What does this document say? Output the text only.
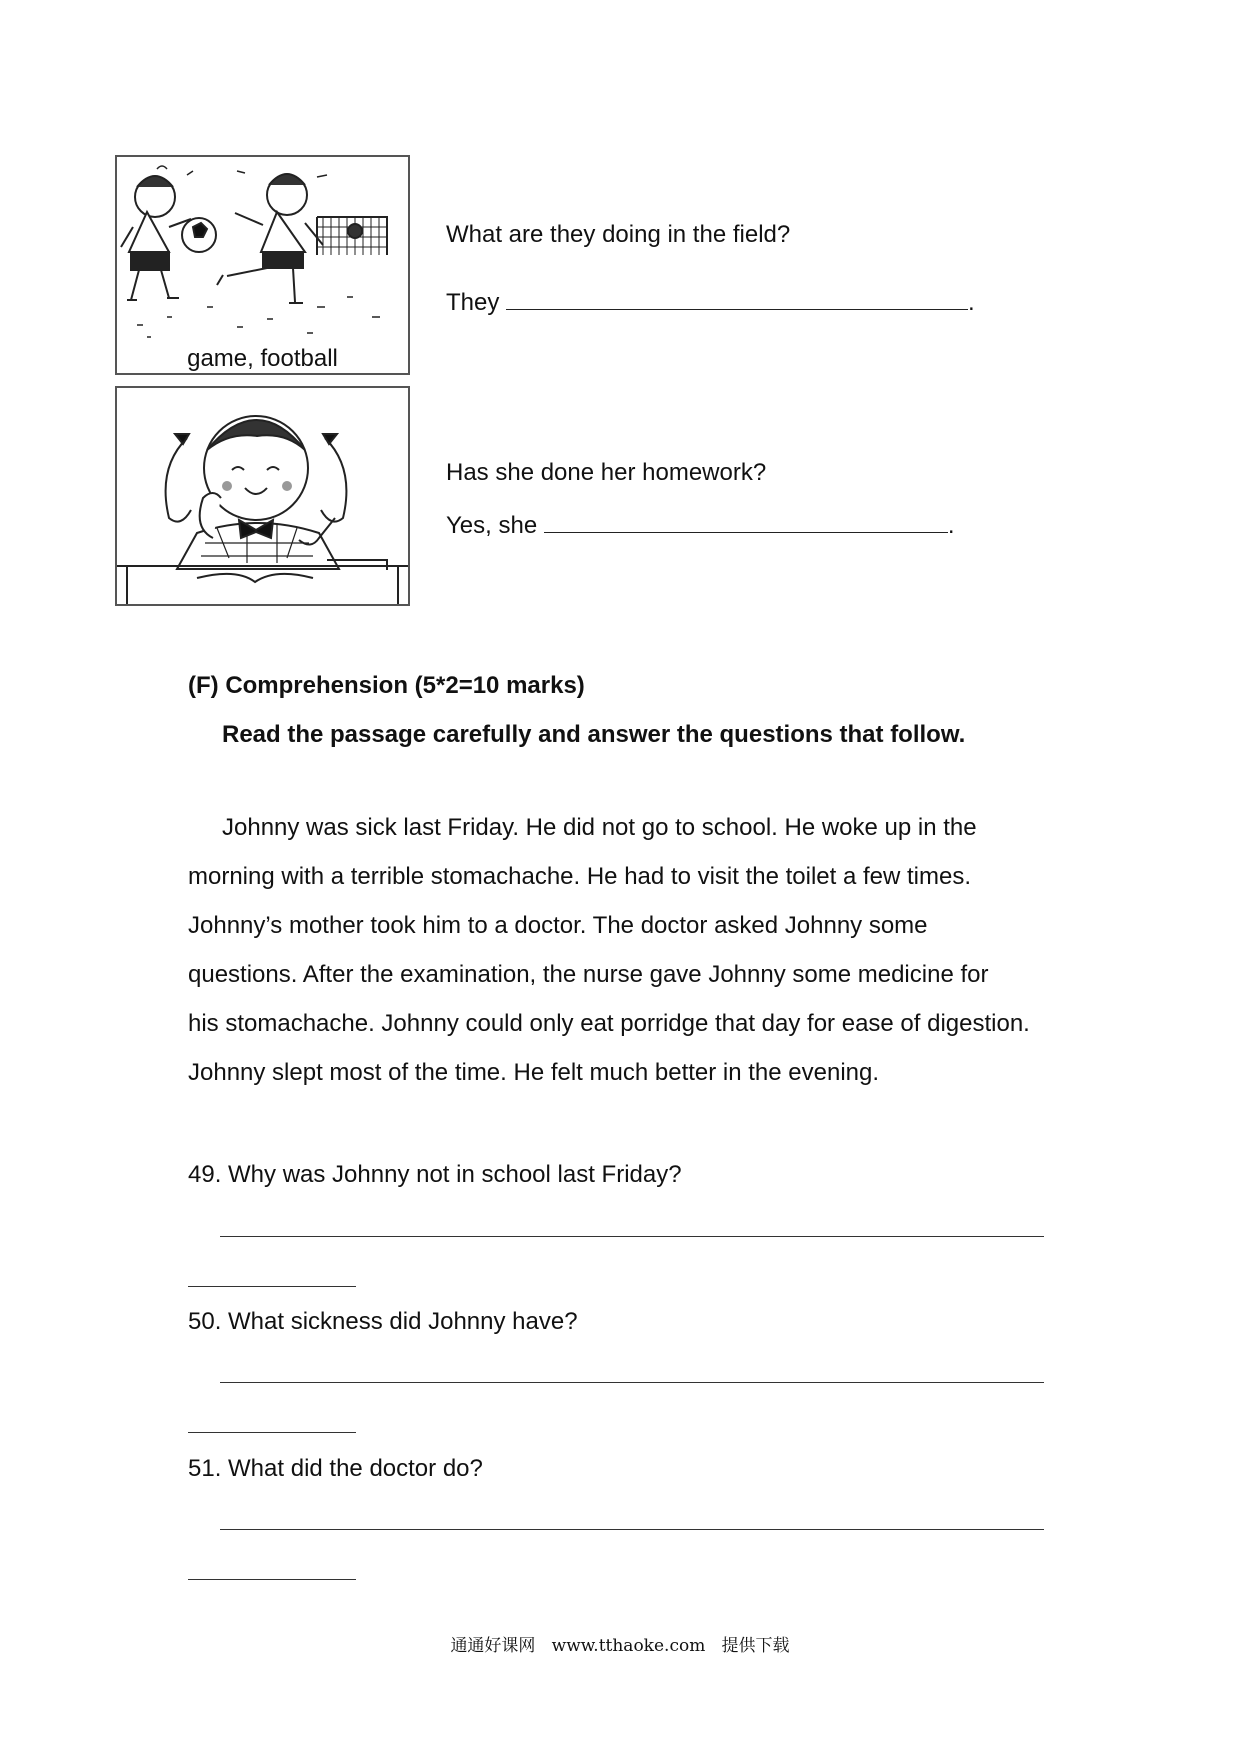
game, football
What are they doing in the field?
They	.
Has she done her homework?
Yes, she	.
(F) Comprehension (5*2=10 marks)
Read the passage carefully and answer the questions that follow.
Johnny was sick last Friday. He did not go to school. He woke up in the
morning with a terrible stomachache. He had to visit the toilet a few times.
Johnny’s mother took him to a doctor. The doctor asked Johnny some
questions. After the examination, the nurse gave Johnny some medicine for
his stomachache. Johnny could only eat porridge that day for ease of digestion.
Johnny slept most of the time. He felt much better in the evening.
49. Why was Johnny not in school last Friday?
50. What sickness did Johnny have?
51. What did the doctor do?
通通好课网 www.tthaoke.com 提供下载
